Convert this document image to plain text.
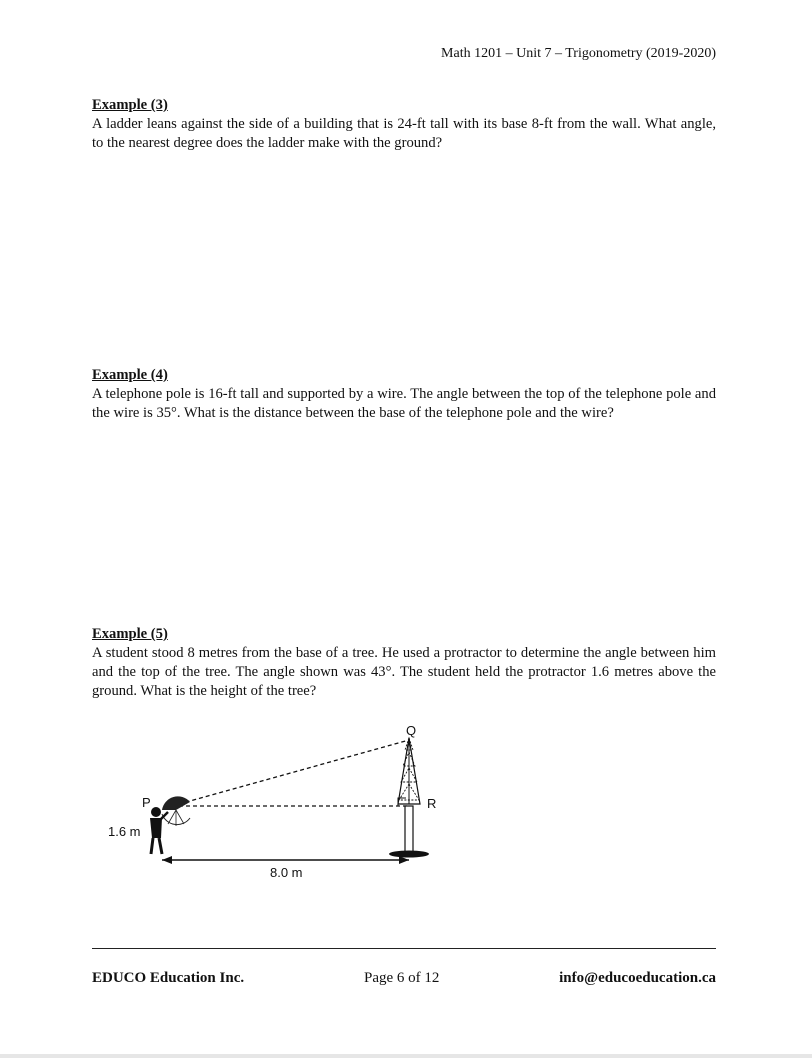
Math 1201 – Unit 7 – Trigonometry (2019-2020)
Example (3)
A ladder leans against the side of a building that is 24-ft tall with its base 8-ft from the wall. What angle, to the nearest degree does the ladder make with the ground?
Example (4)
A telephone pole is 16-ft tall and supported by a wire. The angle between the top of the telephone pole and the wire is 35°. What is the distance between the base of the telephone pole and the wire?
Example (5)
A student stood 8 metres from the base of a tree. He used a protractor to determine the angle between him and the top of the tree. The angle shown was 43°. The student held the protractor 1.6 metres above the ground. What is the height of the tree?
P
Q
R
1.6 m
8.0 m
EDUCO Education Inc.	Page 6 of 12	info@educoeducation.ca
